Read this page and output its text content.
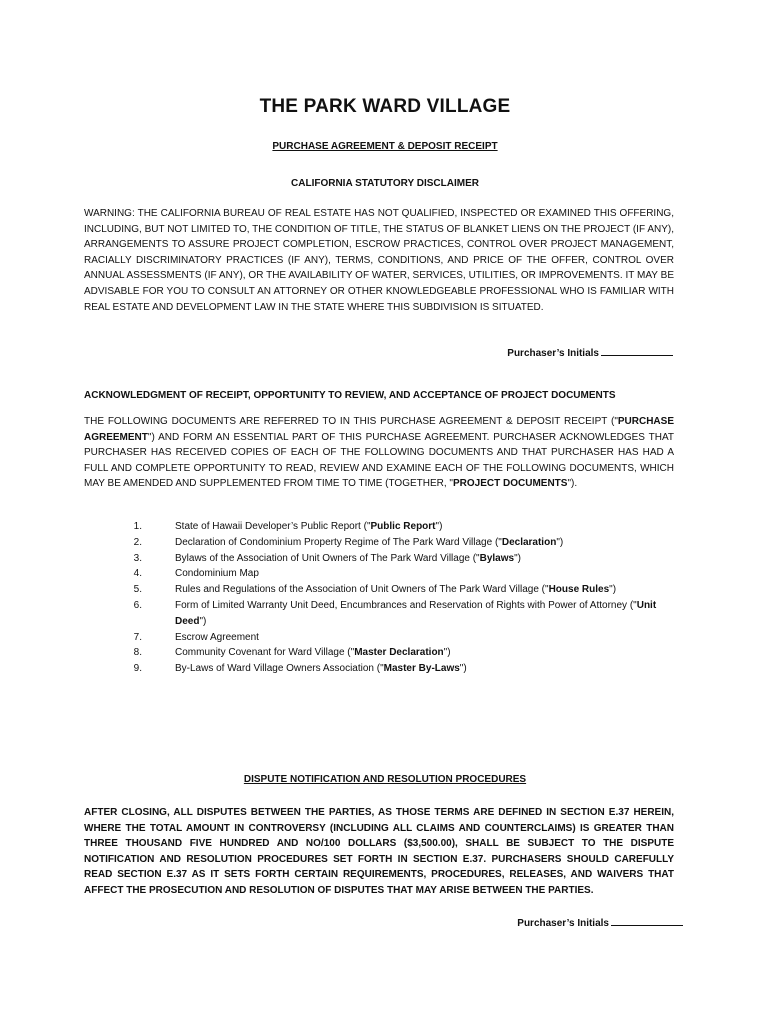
THE PARK WARD VILLAGE
PURCHASE AGREEMENT & DEPOSIT RECEIPT
CALIFORNIA STATUTORY DISCLAIMER
WARNING: THE CALIFORNIA BUREAU OF REAL ESTATE HAS NOT QUALIFIED, INSPECTED OR EXAMINED THIS OFFERING, INCLUDING, BUT NOT LIMITED TO, THE CONDITION OF TITLE, THE STATUS OF BLANKET LIENS ON THE PROJECT (IF ANY), ARRANGEMENTS TO ASSURE PROJECT COMPLETION, ESCROW PRACTICES, CONTROL OVER PROJECT MANAGEMENT, RACIALLY DISCRIMINATORY PRACTICES (IF ANY), TERMS, CONDITIONS, AND PRICE OF THE OFFER, CONTROL OVER ANNUAL ASSESSMENTS (IF ANY), OR THE AVAILABILITY OF WATER, SERVICES, UTILITIES, OR IMPROVEMENTS. IT MAY BE ADVISABLE FOR YOU TO CONSULT AN ATTORNEY OR OTHER KNOWLEDGEABLE PROFESSIONAL WHO IS FAMILIAR WITH REAL ESTATE AND DEVELOPMENT LAW IN THE STATE WHERE THIS SUBDIVISION IS SITUATED.
Purchaser’s Initials
ACKNOWLEDGMENT OF RECEIPT, OPPORTUNITY TO REVIEW, AND ACCEPTANCE OF PROJECT DOCUMENTS
THE FOLLOWING DOCUMENTS ARE REFERRED TO IN THIS PURCHASE AGREEMENT & DEPOSIT RECEIPT ("PURCHASE AGREEMENT") AND FORM AN ESSENTIAL PART OF THIS PURCHASE AGREEMENT. PURCHASER ACKNOWLEDGES THAT PURCHASER HAS RECEIVED COPIES OF EACH OF THE FOLLOWING DOCUMENTS AND THAT PURCHASER HAS HAD A FULL AND COMPLETE OPPORTUNITY TO READ, REVIEW AND EXAMINE EACH OF THE FOLLOWING DOCUMENTS, WHICH MAY BE AMENDED AND SUPPLEMENTED FROM TIME TO TIME (TOGETHER, "PROJECT DOCUMENTS").
1.	State of Hawaii Developer’s Public Report ("Public Report")
2.	Declaration of Condominium Property Regime of The Park Ward Village ("Declaration")
3.	Bylaws of the Association of Unit Owners of The Park Ward Village ("Bylaws")
4.	Condominium Map
5.	Rules and Regulations of the Association of Unit Owners of The Park Ward Village ("House Rules")
6.	Form of Limited Warranty Unit Deed, Encumbrances and Reservation of Rights with Power of Attorney ("Unit Deed")
7.	Escrow Agreement
8.	Community Covenant for Ward Village ("Master Declaration")
9.	By-Laws of Ward Village Owners Association ("Master By-Laws")
DISPUTE NOTIFICATION AND RESOLUTION PROCEDURES
AFTER CLOSING, ALL DISPUTES BETWEEN THE PARTIES, AS THOSE TERMS ARE DEFINED IN SECTION E.37 HEREIN, WHERE THE TOTAL AMOUNT IN CONTROVERSY (INCLUDING ALL CLAIMS AND COUNTERCLAIMS) IS GREATER THAN THREE THOUSAND FIVE HUNDRED AND NO/100 DOLLARS ($3,500.00), SHALL BE SUBJECT TO THE DISPUTE NOTIFICATION AND RESOLUTION PROCEDURES SET FORTH IN SECTION E.37. PURCHASERS SHOULD CAREFULLY READ SECTION E.37 AS IT SETS FORTH CERTAIN REQUIREMENTS, PROCEDURES, RELEASES, AND WAIVERS THAT AFFECT THE PROSECUTION AND RESOLUTION OF DISPUTES THAT MAY ARISE BETWEEN THE PARTIES.
Purchaser’s Initials
